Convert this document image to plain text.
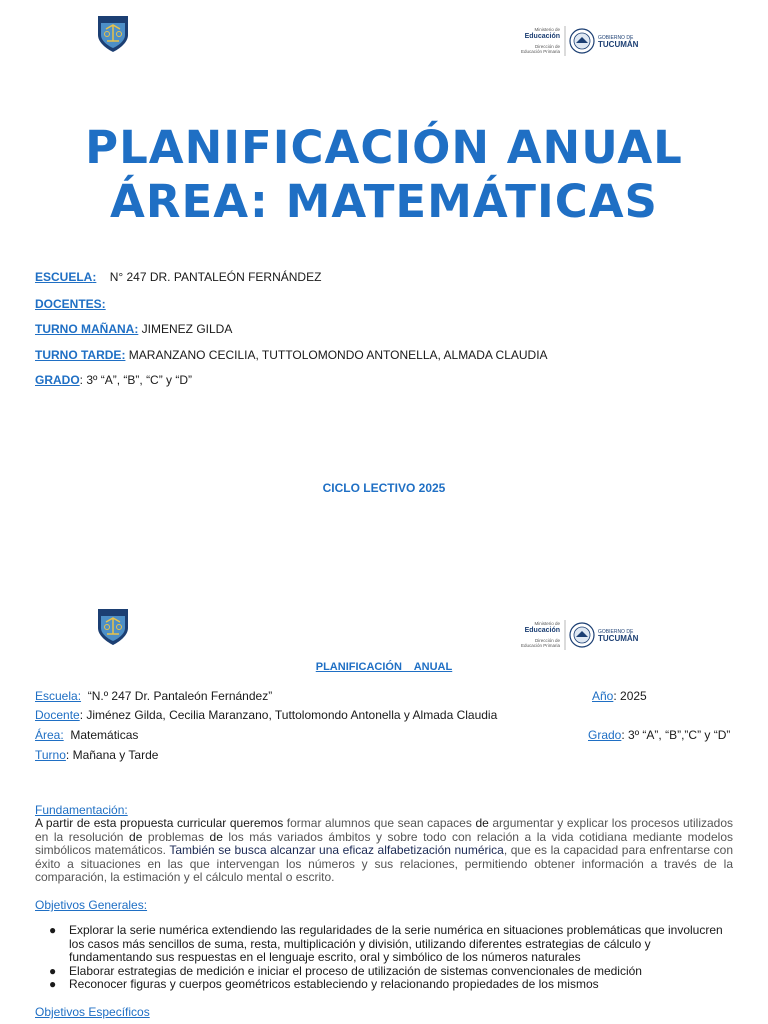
Ministerio de
Educación
Dirección de
Educación Primaria
GOBIERNO DE
TUCUMÁN
PLANIFICACIÓN ANUAL
ÁREA: MATEMÁTICAS
ESCUELA: N° 247 DR. PANTALEÓN FERNÁNDEZ
DOCENTES:
TURNO MAÑANA: JIMENEZ GILDA
TURNO TARDE: MARANZANO CECILIA, TUTTOLOMONDO ANTONELLA, ALMADA CLAUDIA
GRADO: 3º “A”, “B”, “C” y “D”
CICLO LECTIVO 2025
Ministerio de
Educación
Dirección de
Educación Primaria
GOBIERNO DE
TUCUMÁN
PLANIFICACIÓN    ANUAL
Escuela: “N.º 247 Dr. Pantaleón Fernández”	Año: 2025
Docente: Jiménez Gilda, Cecilia Maranzano, Tuttolomondo Antonella y Almada Claudia
Área: Matemáticas	Grado: 3º “A”, “B”,”C” y “D”
Turno: Mañana y Tarde
Fundamentación:
A partir de esta propuesta curricular queremos formar alumnos que sean capaces de argumentar y explicar los procesos utilizados en la resolución de problemas de los más variados ámbitos y sobre todo con relación a la vida cotidiana mediante modelos simbólicos matemáticos. También se busca alcanzar una eficaz alfabetización numérica, que es la capacidad para enfrentarse con éxito a situaciones en las que intervengan los números y sus relaciones, permitiendo obtener información a través de la comparación, la estimación y el cálculo mental o escrito.
Objetivos Generales:
● Explorar la serie numérica extendiendo las regularidades de la serie numérica en situaciones problemáticas que involucren los casos más sencillos de suma, resta, multiplicación y división, utilizando diferentes estrategias de cálculo y fundamentando sus respuestas en el lenguaje escrito, oral y simbólico de los números naturales
● Elaborar estrategias de medición e iniciar el proceso de utilización de sistemas convencionales de medición
● Reconocer figuras y cuerpos geométricos estableciendo y relacionando propiedades de los mismos
Objetivos Específicos
